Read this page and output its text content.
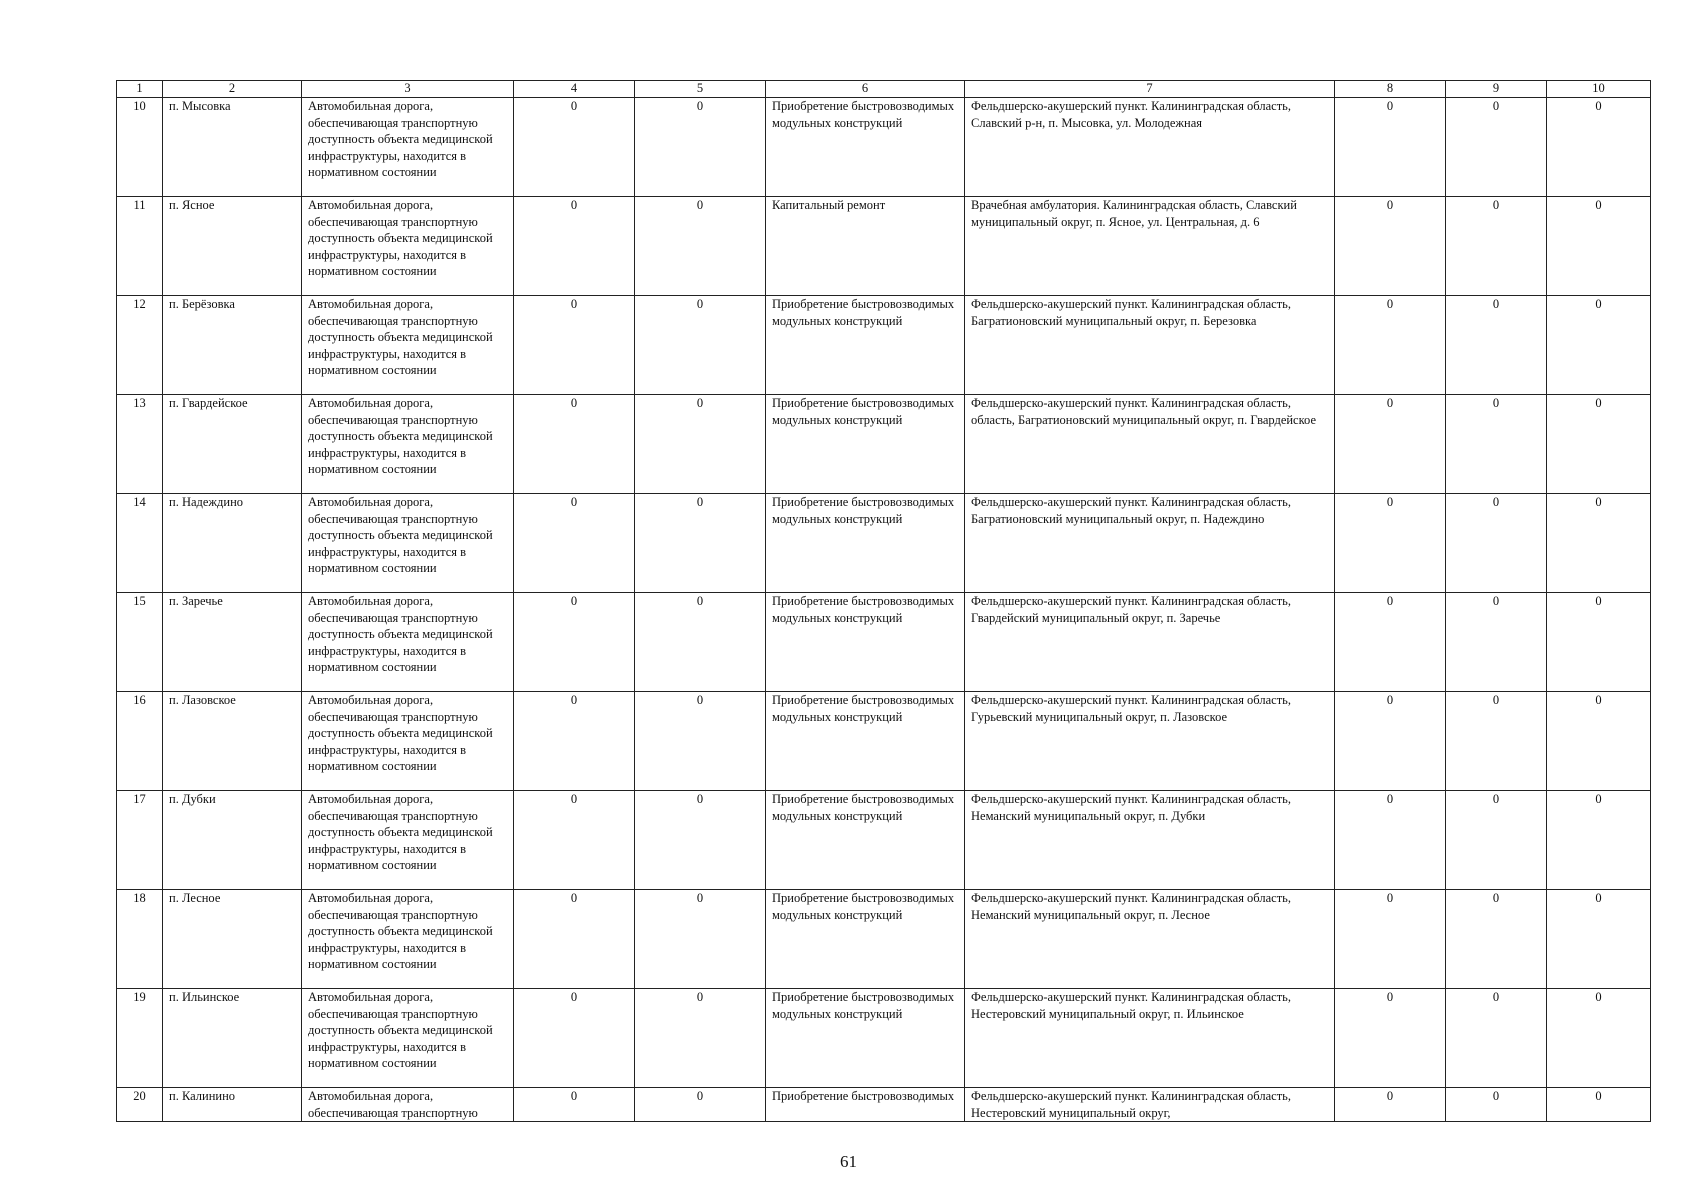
1	2	3	4	5	6	7	8	9	10
10	п. Мысовка	Автомобильная дорога, обеспечивающая транспортную доступность объекта медицинской инфраструктуры, находится в нормативном состоянии	0	0	Приобретение быстровозводимых модульных конструкций	Фельдшерско-акушерский пункт. Калининградская область, Славский р-н, п. Мысовка, ул. Молодежная	0	0	0
11	п. Ясное	Автомобильная дорога, обеспечивающая транспортную доступность объекта медицинской инфраструктуры, находится в нормативном состоянии	0	0	Капитальный ремонт	Врачебная амбулатория. Калининградская область, Славский муниципальный округ, п. Ясное, ул. Центральная, д. 6	0	0	0
12	п. Берёзовка	Автомобильная дорога, обеспечивающая транспортную доступность объекта медицинской инфраструктуры, находится в нормативном состоянии	0	0	Приобретение быстровозводимых модульных конструкций	Фельдшерско-акушерский пункт. Калининградская область, Багратионовский муниципальный округ, п. Березовка	0	0	0
13	п. Гвардейское	Автомобильная дорога, обеспечивающая транспортную доступность объекта медицинской инфраструктуры, находится в нормативном состоянии	0	0	Приобретение быстровозводимых модульных конструкций	Фельдшерско-акушерский пункт. Калининградская область, область, Багратионовский муниципальный округ, п. Гвардейское	0	0	0
14	п. Надеждино	Автомобильная дорога, обеспечивающая транспортную доступность объекта медицинской инфраструктуры, находится в нормативном состоянии	0	0	Приобретение быстровозводимых модульных конструкций	Фельдшерско-акушерский пункт. Калининградская область, Багратионовский муниципальный округ, п. Надеждино	0	0	0
15	п. Заречье	Автомобильная дорога, обеспечивающая транспортную доступность объекта медицинской инфраструктуры, находится в нормативном состоянии	0	0	Приобретение быстровозводимых модульных конструкций	Фельдшерско-акушерский пункт. Калининградская область, Гвардейский муниципальный округ, п. Заречье	0	0	0
16	п. Лазовское	Автомобильная дорога, обеспечивающая транспортную доступность объекта медицинской инфраструктуры, находится в нормативном состоянии	0	0	Приобретение быстровозводимых модульных конструкций	Фельдшерско-акушерский пункт. Калининградская область, Гурьевский муниципальный округ, п. Лазовское	0	0	0
17	п. Дубки	Автомобильная дорога, обеспечивающая транспортную доступность объекта медицинской инфраструктуры, находится в нормативном состоянии	0	0	Приобретение быстровозводимых модульных конструкций	Фельдшерско-акушерский пункт. Калининградская область, Неманский муниципальный округ, п. Дубки	0	0	0
18	п. Лесное	Автомобильная дорога, обеспечивающая транспортную доступность объекта медицинской инфраструктуры, находится в нормативном состоянии	0	0	Приобретение быстровозводимых модульных конструкций	Фельдшерско-акушерский пункт. Калининградская область, Неманский муниципальный округ, п. Лесное	0	0	0
19	п. Ильинское	Автомобильная дорога, обеспечивающая транспортную доступность объекта медицинской инфраструктуры, находится в нормативном состоянии	0	0	Приобретение быстровозводимых модульных конструкций	Фельдшерско-акушерский пункт. Калининградская область, Нестеровский муниципальный округ, п. Ильинское	0	0	0
20	п. Калинино	Автомобильная дорога, обеспечивающая транспортную	0	0	Приобретение быстровозводимых	Фельдшерско-акушерский пункт. Калининградская область, Нестеровский муниципальный округ,	0	0	0
61
